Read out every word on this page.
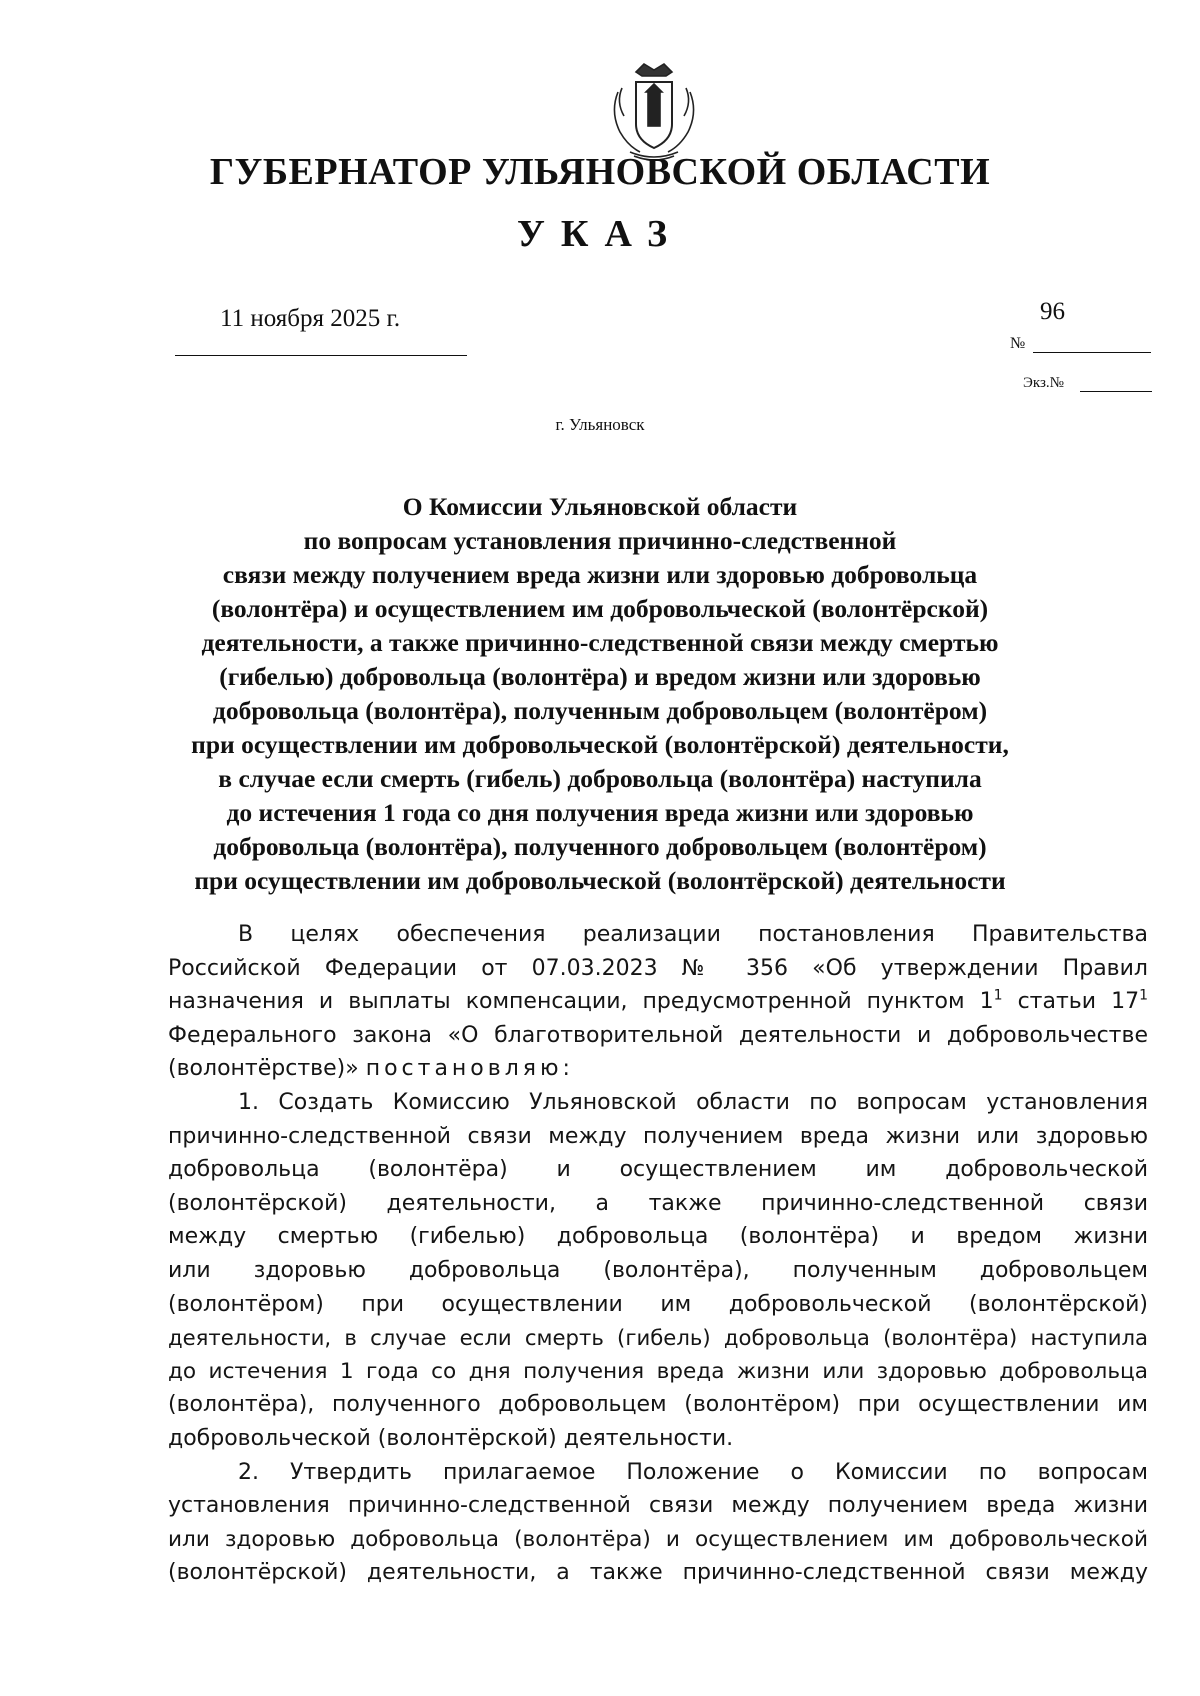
ГУБЕРНАТОР УЛЬЯНОВСКОЙ ОБЛАСТИ
УКАЗ
11 ноября 2025 г.	96
№
Экз.№
г. Ульяновск
О Комиссии Ульяновской области
по вопросам установления причинно-следственной
связи между получением вреда жизни или здоровью добровольца
(волонтёра) и осуществлением им добровольческой (волонтёрской)
деятельности, а также причинно-следственной связи между смертью
(гибелью) добровольца (волонтёра) и вредом жизни или здоровью
добровольца (волонтёра), полученным добровольцем (волонтёром)
при осуществлении им добровольческой (волонтёрской) деятельности,
в случае если смерть (гибель) добровольца (волонтёра) наступила
до истечения 1 года со дня получения вреда жизни или здоровью
добровольца (волонтёра), полученного добровольцем (волонтёром)
при осуществлении им добровольческой (волонтёрской) деятельности
В целях обеспечения реализации постановления Правительства
Российской Федерации от 07.03.2023 № 356 «Об утверждении Правил
назначения и выплаты компенсации, предусмотренной пунктом $1^1$ статьи $17^1$
Федерального закона «О благотворительной деятельности и добровольчестве
(волонтёрстве)» постановляю:
1. Создать Комиссию Ульяновской области по вопросам установления
причинно-следственной связи между получением вреда жизни или здоровью
добровольца (волонтёра) и осуществлением им добровольческой
(волонтёрской) деятельности, а также причинно-следственной связи
между смертью (гибелью) добровольца (волонтёра) и вредом жизни
или здоровью добровольца (волонтёра), полученным добровольцем
(волонтёром) при осуществлении им добровольческой (волонтёрской)
деятельности, в случае если смерть (гибель) добровольца (волонтёра) наступила
до истечения 1 года со дня получения вреда жизни или здоровью добровольца
(волонтёра), полученного добровольцем (волонтёром) при осуществлении им
добровольческой (волонтёрской) деятельности.
2. Утвердить прилагаемое Положение о Комиссии по вопросам
установления причинно-следственной связи между получением вреда жизни
или здоровью добровольца (волонтёра) и осуществлением им добровольческой
(волонтёрской) деятельности, а также причинно-следственной связи между
